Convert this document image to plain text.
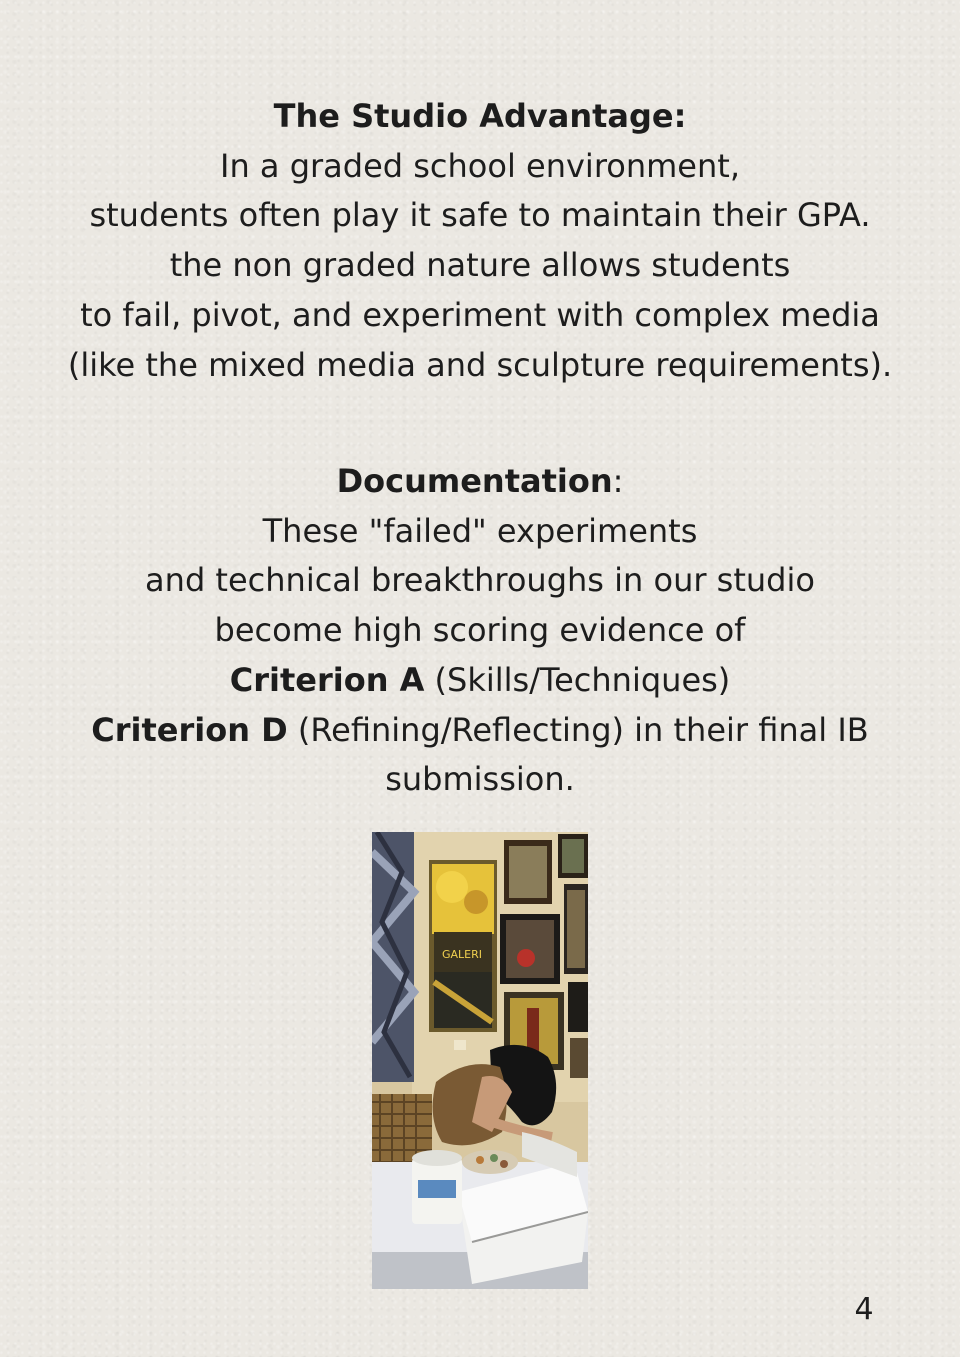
The Studio Advantage:
In a graded school environment,
students often play it safe to maintain their GPA.
the non graded nature allows students
to fail, pivot, and experiment with complex media
(like the mixed media and sculpture requirements).
Documentation:
These "failed" experiments
and technical breakthroughs in our studio
become high scoring evidence of
Criterion A (Skills/Techniques)
Criterion D (Refining/Reflecting) in their final IB
submission.
GALERI
4
